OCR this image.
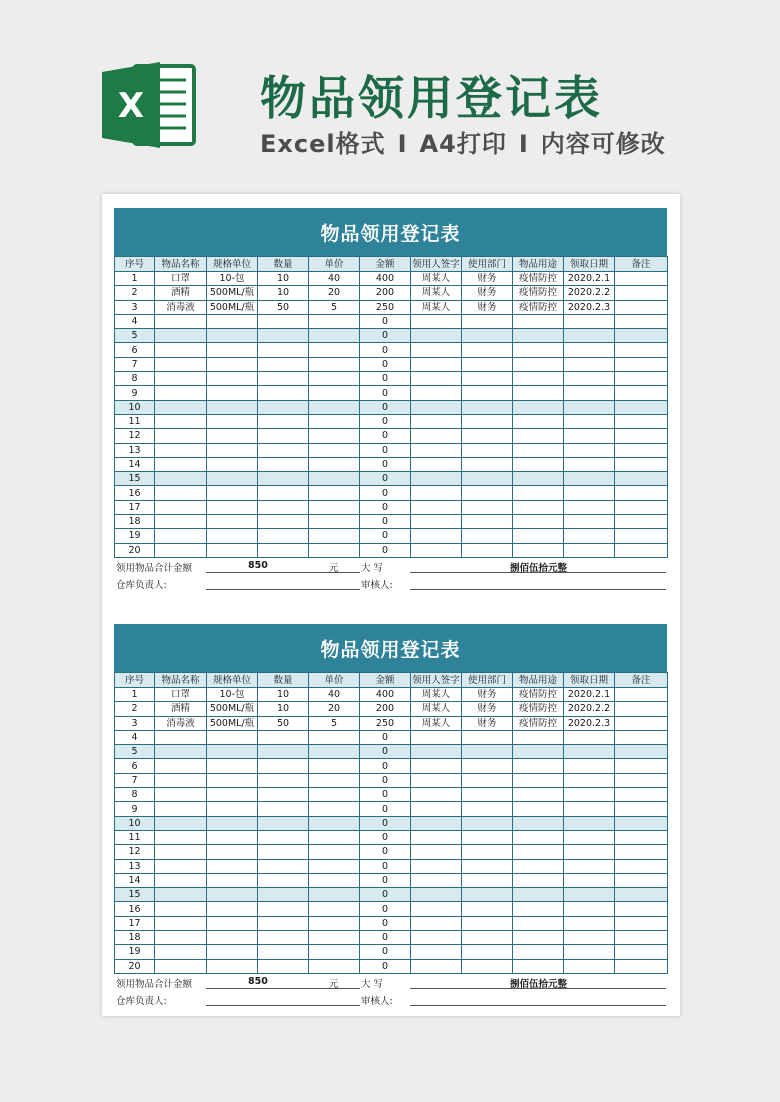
X	物品领用登记表
Excel格式 I A4打印 I 内容可修改
物品领用登记表
序号	物品名称	规格单位	数量	单价	金额	领用人签字	使用部门	物品用途	领取日期	备注
1	口罩	10-包	10	40	400	周某人	财务	疫情防控	2020.2.1	
2	酒精	500ML/瓶	10	20	200	周某人	财务	疫情防控	2020.2.2	
3	消毒液	500ML/瓶	50	5	250	周某人	财务	疫情防控	2020.2.3	
4					0					
5					0					
6					0					
7					0					
8					0					
9					0					
10					0					
11					0					
12					0					
13					0					
14					0					
15					0					
16					0					
17					0					
18					0					
19					0					
20					0					
领用物品合计金额	850	元 大 写	捌佰伍拾元整
仓库负责人:	审核人:
物品领用登记表
序号	物品名称	规格单位	数量	单价	金额	领用人签字	使用部门	物品用途	领取日期	备注
1	口罩	10-包	10	40	400	周某人	财务	疫情防控	2020.2.1	
2	酒精	500ML/瓶	10	20	200	周某人	财务	疫情防控	2020.2.2	
3	消毒液	500ML/瓶	50	5	250	周某人	财务	疫情防控	2020.2.3	
4					0					
5					0					
6					0					
7					0					
8					0					
9					0					
10					0					
11					0					
12					0					
13					0					
14					0					
15					0					
16					0					
17					0					
18					0					
19					0					
20					0					
领用物品合计金额	850	元 大 写	捌佰伍拾元整
仓库负责人:	审核人:
